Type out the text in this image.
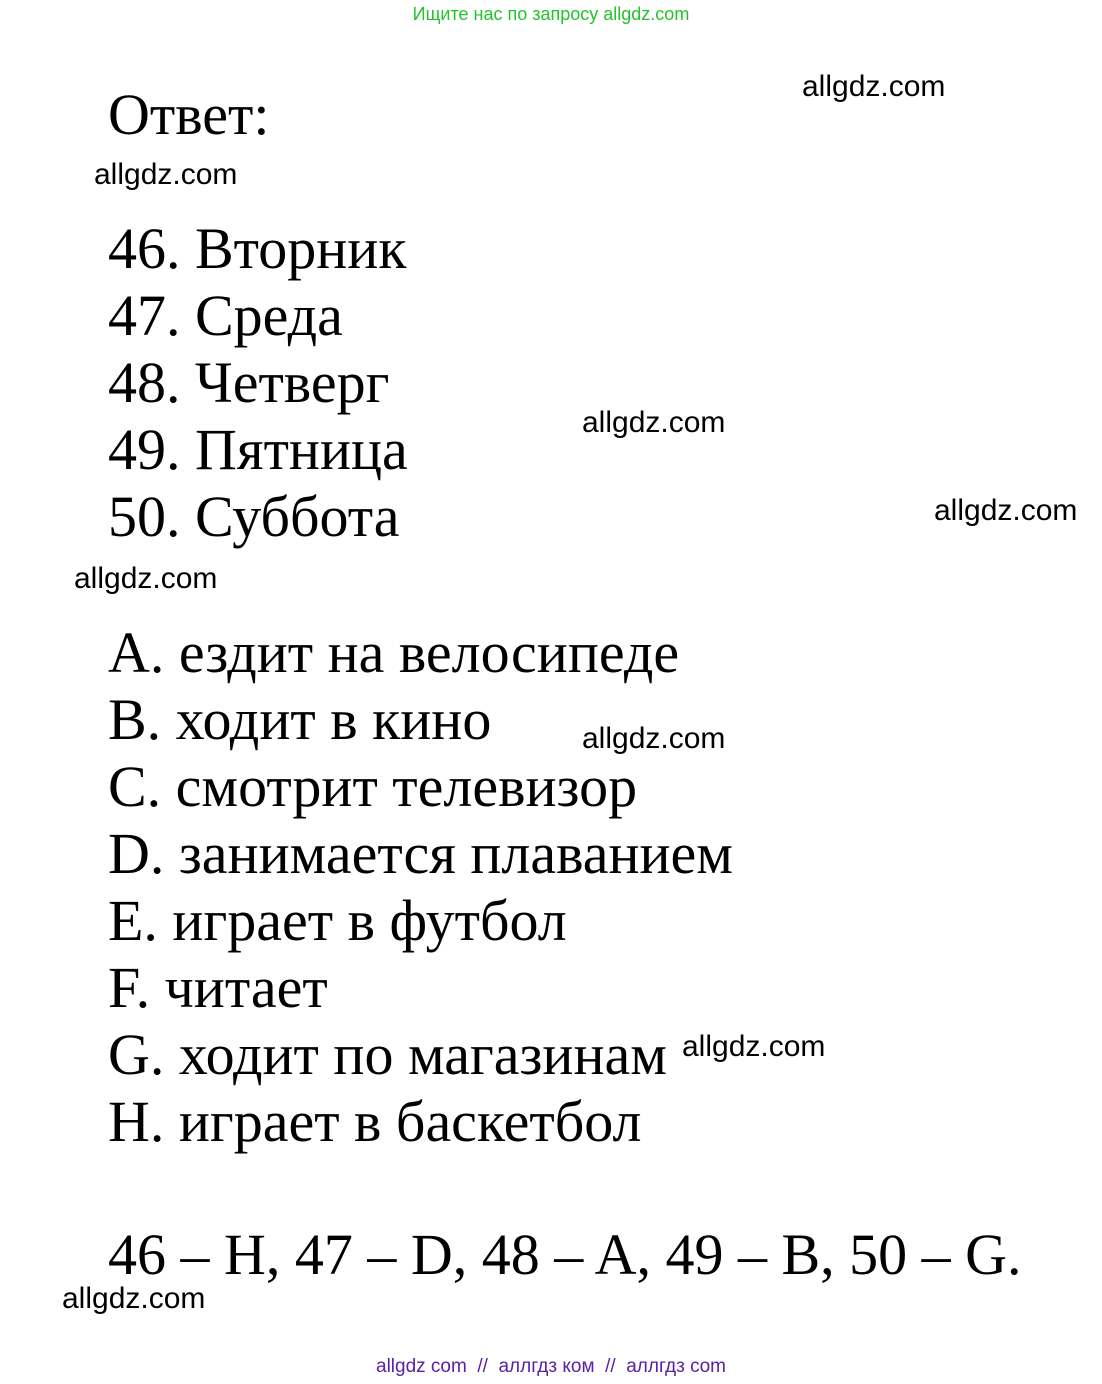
Ищите нас по запросу allgdz.com
Ответ:
46. Вторник
47. Среда
48. Четверг
49. Пятница
50. Суббота
A. ездит на велосипеде
B. ходит в кино
C. смотрит телевизор
D. занимается плаванием
E. играет в футбол
F. читает
G. ходит по магазинам
H. играет в баскетбол
46 – H, 47 – D, 48 – A, 49 – B, 50 – G.
allgdz.com
allgdz.com
allgdz.com
allgdz.com
allgdz.com
allgdz.com
allgdz.com
allgdz.com
allgdz com  //  аллгдз ком  //  аллгдз com
